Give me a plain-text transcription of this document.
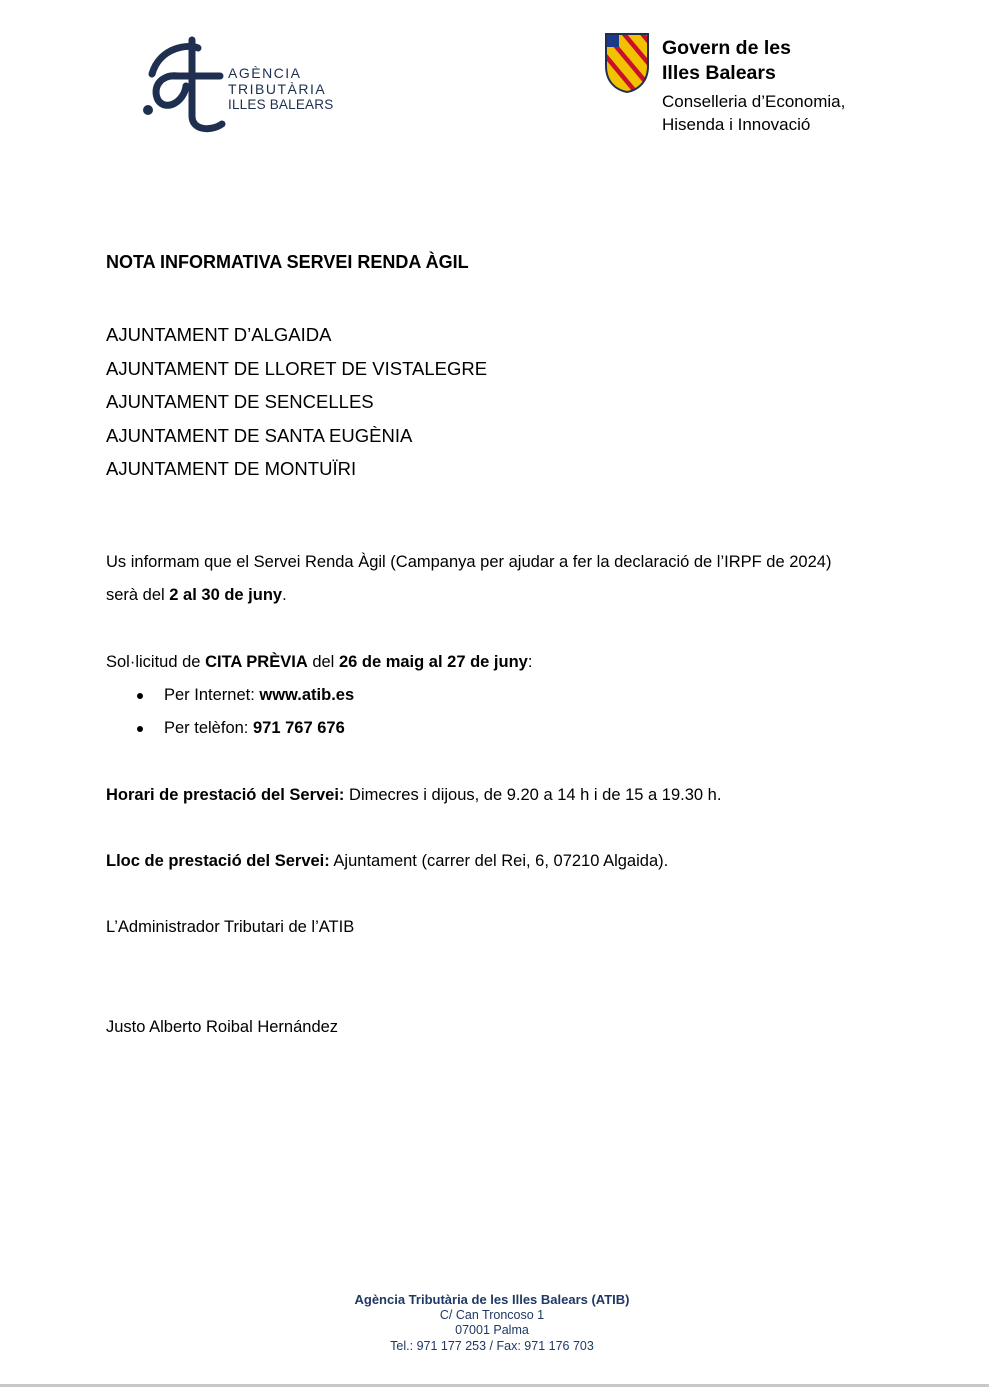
AGÈNCIA
TRIBUTÀRIA
ILLES BALEARS
Govern de les
Illes Balears
Conselleria d’Economia,
Hisenda i Innovació
NOTA INFORMATIVA SERVEI RENDA ÀGIL
AJUNTAMENT D’ALGAIDA
AJUNTAMENT DE LLORET DE VISTALEGRE
AJUNTAMENT DE SENCELLES
AJUNTAMENT DE SANTA EUGÈNIA
AJUNTAMENT DE MONTUÏRI

Us informam que el Servei Renda Àgil (Campanya per ajudar a fer la declaració de l’IRPF de 2024) serà del 2 al 30 de juny.

Sol·licitud de CITA PRÈVIA del 26 de maig al 27 de juny:

Per Internet: www.atib.es
Per telèfon: 971 767 676

Horari de prestació del Servei: Dimecres i dijous, de 9.20 a 14 h i de 15 a 19.30 h.

Lloc de prestació del Servei: Ajuntament (carrer del Rei, 6, 07210 Algaida).

L’Administrador Tributari de l’ATIB

Justo Alberto Roibal Hernández

Agència Tributària de les Illes Balears (ATIB)
C/ Can Troncoso 1
07001 Palma
Tel.: 971 177 253 / Fax: 971 176 703
